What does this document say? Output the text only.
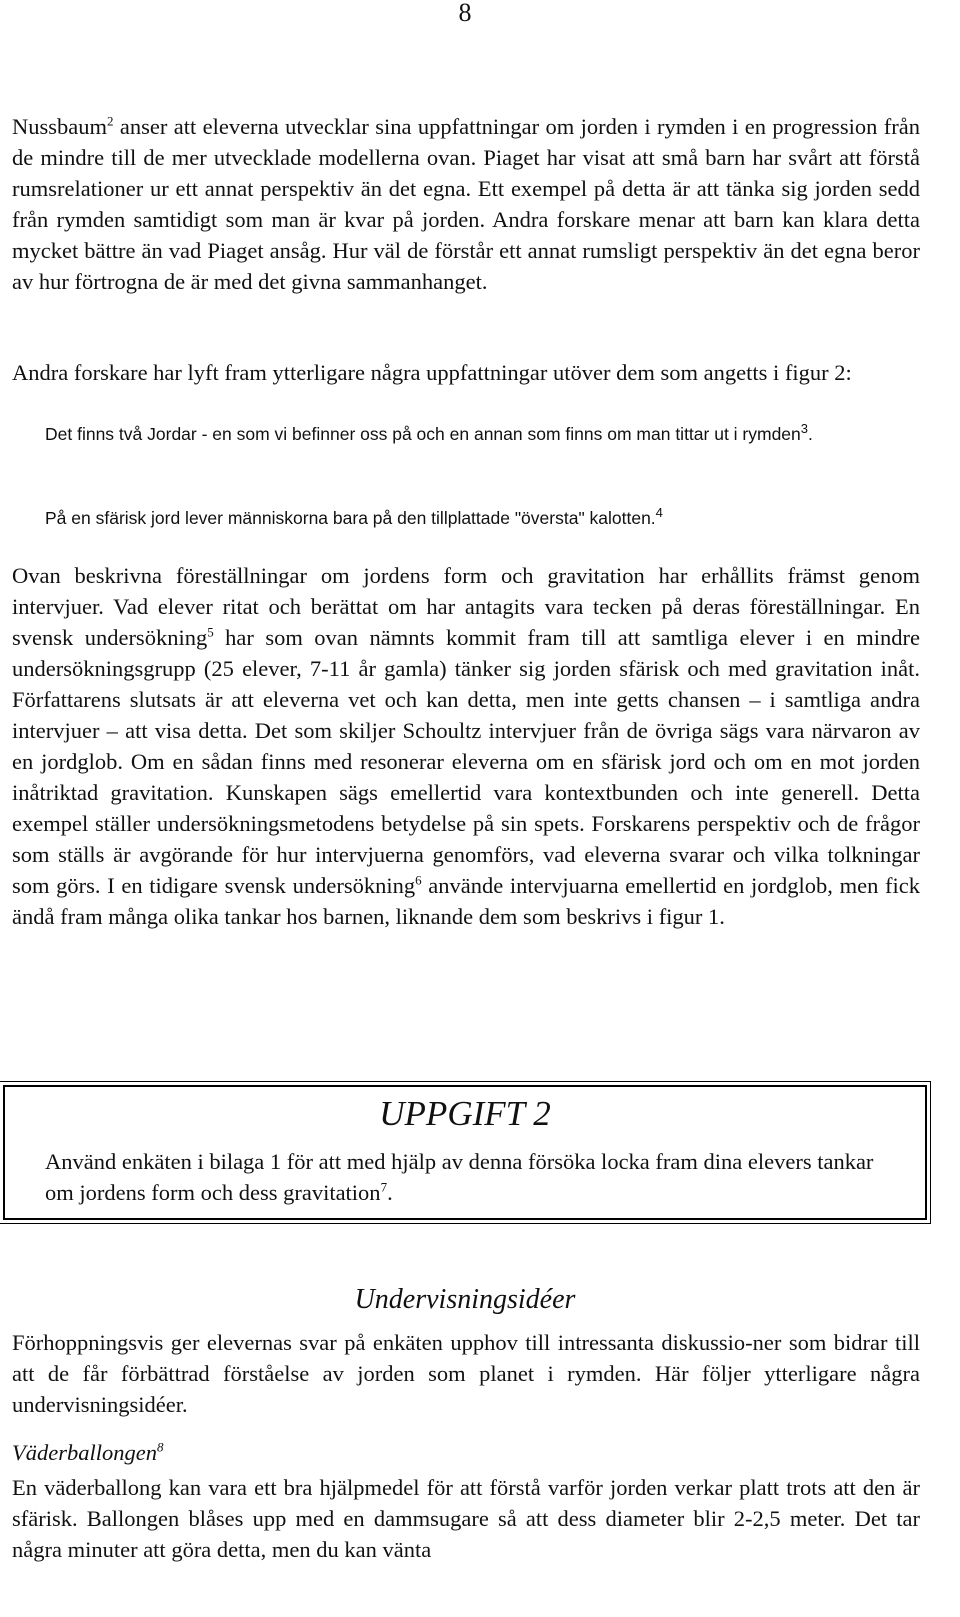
8

Nussbaum$^2$ anser att eleverna utvecklar sina uppfattningar om jorden i rymden i en progression från de mindre till de mer utvecklade modellerna ovan. Piaget har visat att små barn har svårt att förstå rumsrelationer ur ett annat perspektiv än det egna. Ett exempel på detta är att tänka sig jorden sedd från rymden samtidigt som man är kvar på jorden. Andra forskare menar att barn kan klara detta mycket bättre än vad Piaget ansåg. Hur väl de förstår ett annat rumsligt perspektiv än det egna beror av hur förtrogna de är med det givna sammanhanget.

Andra forskare har lyft fram ytterligare några uppfattningar utöver dem som angetts i figur 2:

Det finns två Jordar - en som vi befinner oss på och en annan som finns om man tittar ut i rymden$^3$.

På en sfärisk jord lever människorna bara på den tillplattade "översta" kalotten.$^4$

Ovan beskrivna föreställningar om jordens form och gravitation har erhållits främst genom intervjuer. Vad elever ritat och berättat om har antagits vara tecken på deras föreställningar. En svensk undersökning$^5$ har som ovan nämnts kommit fram till att samtliga elever i en mindre undersökningsgrupp (25 elever, 7-11 år gamla) tänker sig jorden sfärisk och med gravitation inåt. Författarens slutsats är att eleverna vet och kan detta, men inte getts chansen – i samtliga andra intervjuer – att visa detta. Det som skiljer Schoultz intervjuer från de övriga sägs vara närvaron av en jordglob. Om en sådan finns med resonerar eleverna om en sfärisk jord och om en mot jorden inåtriktad gravitation. Kunskapen sägs emellertid vara kontextbunden och inte generell. Detta exempel ställer undersökningsmetodens betydelse på sin spets. Forskarens perspektiv och de frågor som ställs är avgörande för hur intervjuerna genomförs, vad eleverna svarar och vilka tolkningar som görs. I en tidigare svensk undersökning$^6$ använde intervjuarna emellertid en jordglob, men fick ändå fram många olika tankar hos barnen, liknande dem som beskrivs i figur 1.

UPPGIFT 2

Använd enkäten i bilaga 1 för att med hjälp av denna försöka locka fram dina elevers tankar om jordens form och dess gravitation$^7$.

Undervisningsidéer

Förhoppningsvis ger elevernas svar på enkäten upphov till intressanta diskussio-ner som bidrar till att de får förbättrad förståelse av jorden som planet i rymden. Här följer ytterligare några undervisningsidéer.

Väderballongen$^8$

En väderballong kan vara ett bra hjälpmedel för att förstå varför jorden verkar platt trots att den är sfärisk. Ballongen blåses upp med en dammsugare så att dess diameter blir 2-2,5 meter. Det tar några minuter att göra detta, men du kan vänta
